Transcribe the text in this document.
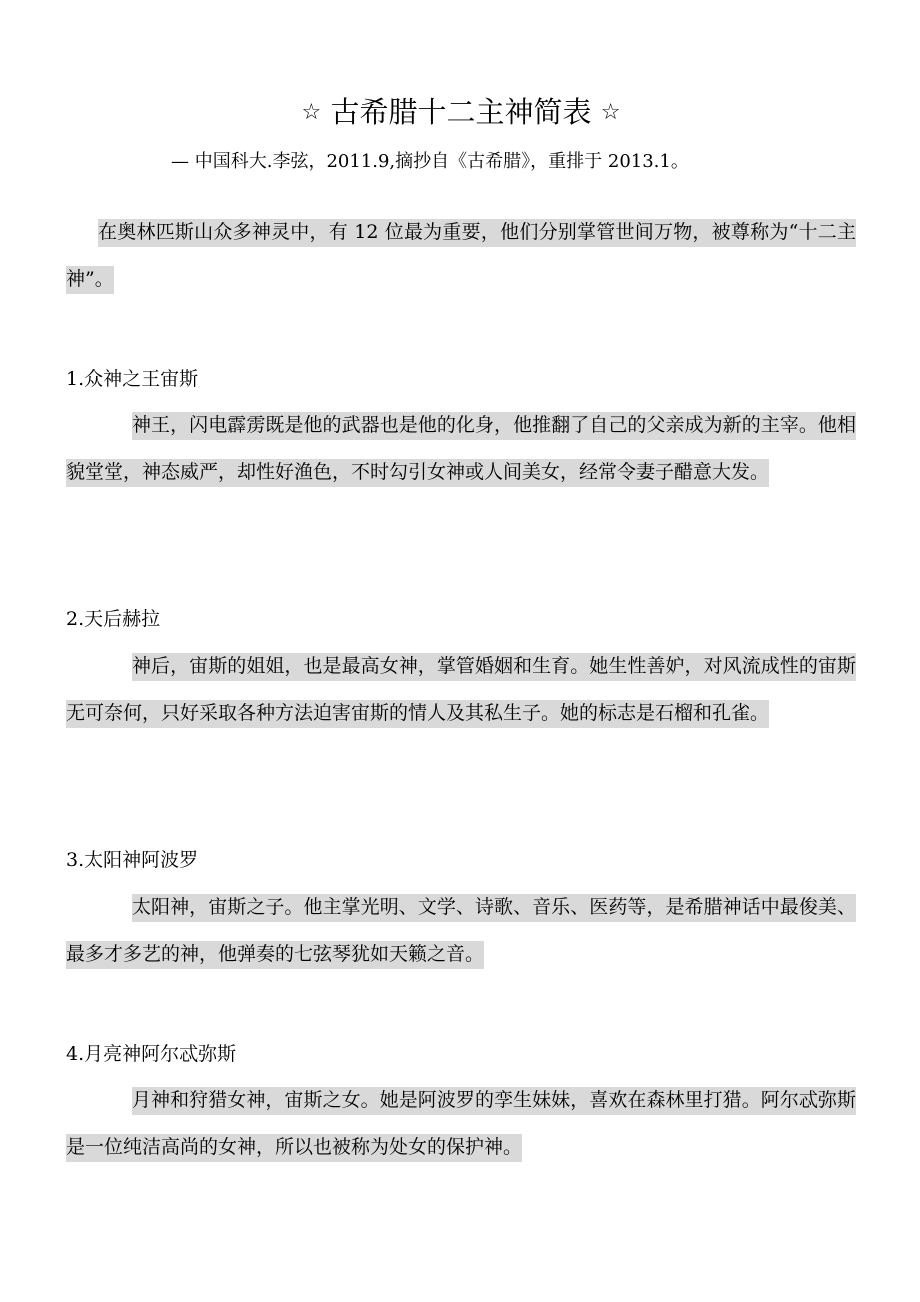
☆ 古希腊十二主神简表 ☆
— 中国科大.李弦，2011.9,摘抄自《古希腊》，重排于 2013.1。
在奥林匹斯山众多神灵中，有 12 位最为重要，他们分别掌管世间万物，被尊称为“十二主神”。
1.众神之王宙斯
神王，闪电霹雳既是他的武器也是他的化身，他推翻了自己的父亲成为新的主宰。他相貌堂堂，神态威严，却性好渔色，不时勾引女神或人间美女，经常令妻子醋意大发。
2.天后赫拉
神后，宙斯的姐姐，也是最高女神，掌管婚姻和生育。她生性善妒，对风流成性的宙斯无可奈何，只好采取各种方法迫害宙斯的情人及其私生子。她的标志是石榴和孔雀。
3.太阳神阿波罗
太阳神，宙斯之子。他主掌光明、文学、诗歌、音乐、医药等，是希腊神话中最俊美、最多才多艺的神，他弹奏的七弦琴犹如天籁之音。
4.月亮神阿尔忒弥斯
月神和狩猎女神，宙斯之女。她是阿波罗的孪生妹妹，喜欢在森林里打猎。阿尔忒弥斯是一位纯洁高尚的女神，所以也被称为处女的保护神。
